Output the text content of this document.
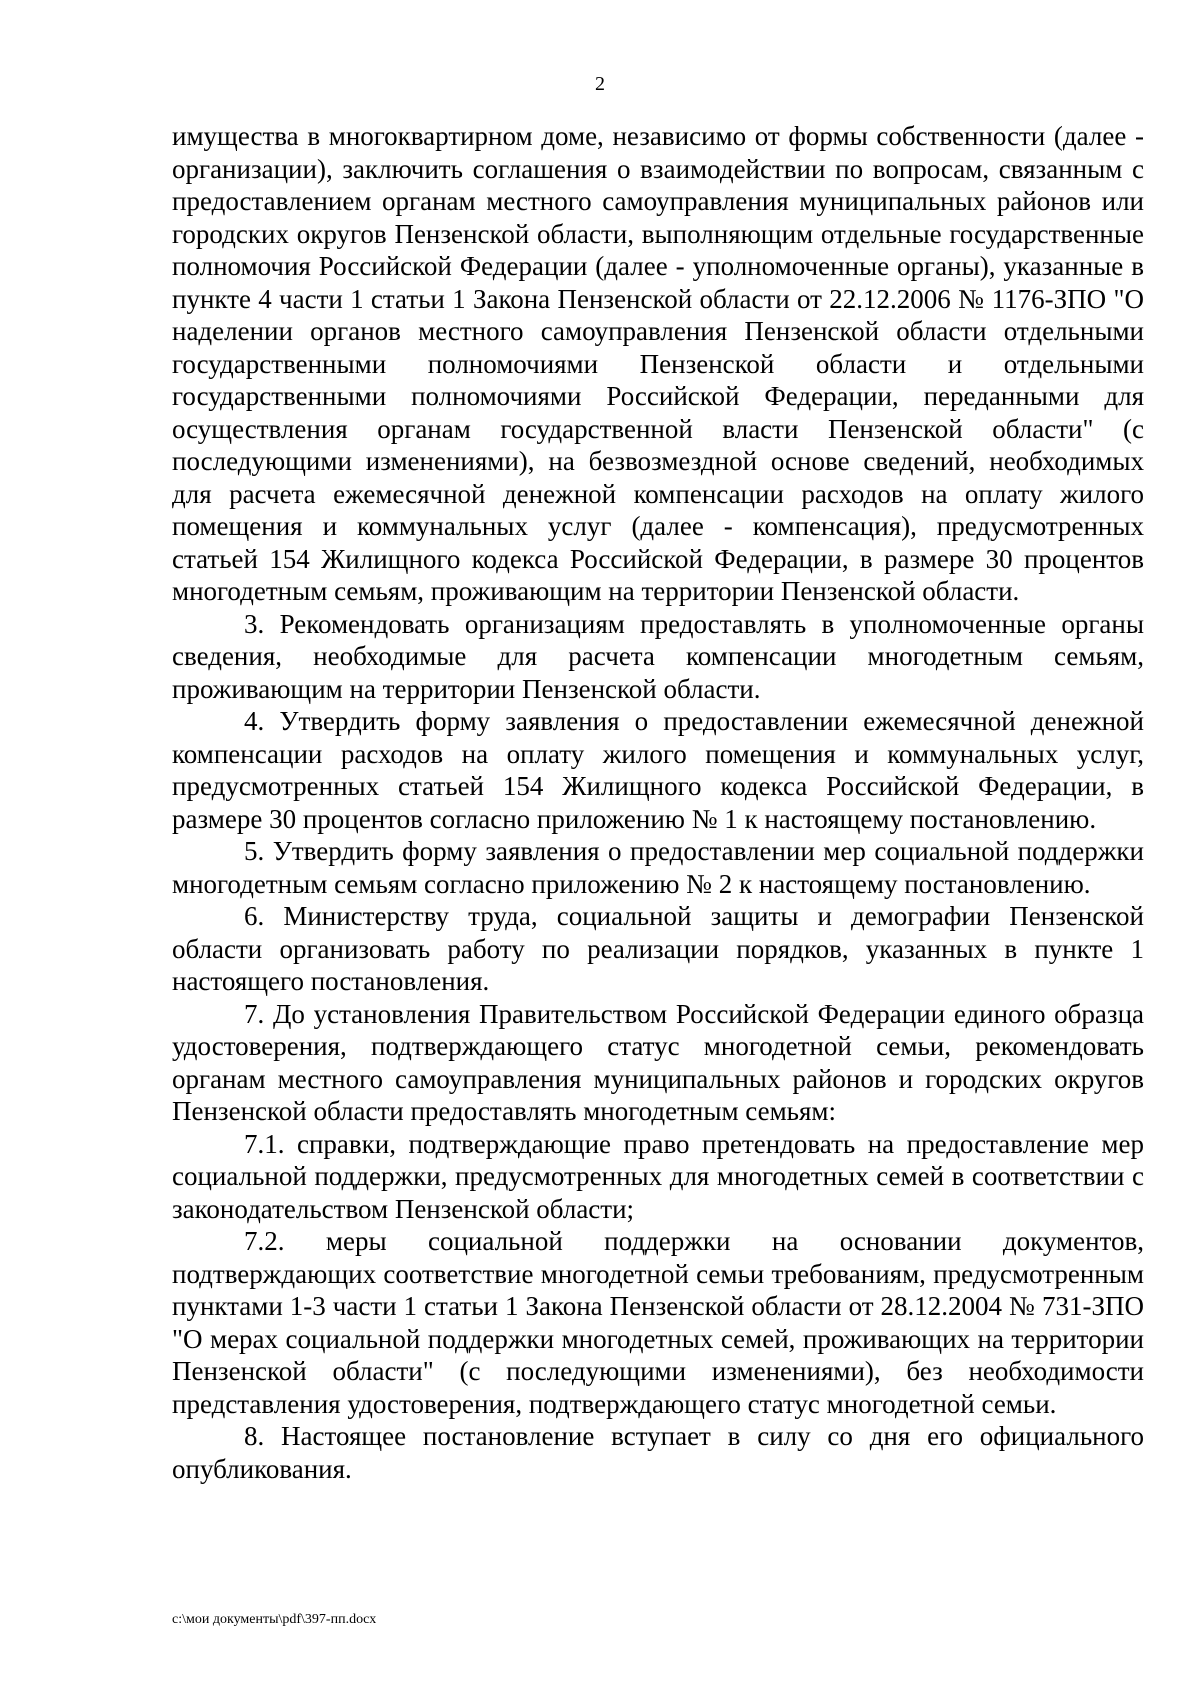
2

имущества в многоквартирном доме, независимо от формы собственности (далее - организации), заключить соглашения о взаимодействии по вопросам, связанным с предоставлением органам местного самоуправления муниципальных районов или городских округов Пензенской области, выполняющим отдельные государственные полномочия Российской Федерации (далее - уполномоченные органы), указанные в пункте 4 части 1 статьи 1 Закона Пензенской области от 22.12.2006 № 1176-ЗПО "О наделении органов местного самоуправления Пензенской области отдельными государственными полномочиями Пензенской области и отдельными государственными полномочиями Российской Федерации, переданными для осуществления органам государственной власти Пензенской области" (с последующими изменениями), на безвозмездной основе сведений, необходимых для расчета ежемесячной денежной компенсации расходов на оплату жилого помещения и коммунальных услуг (далее - компенсация), предусмотренных статьей 154 Жилищного кодекса Российской Федерации, в размере 30 процентов многодетным семьям, проживающим на территории Пензенской области.

3. Рекомендовать организациям предоставлять в уполномоченные органы сведения, необходимые для расчета компенсации многодетным семьям, проживающим на территории Пензенской области.

4. Утвердить форму заявления о предоставлении ежемесячной денежной компенсации расходов на оплату жилого помещения и коммунальных услуг, предусмотренных статьей 154 Жилищного кодекса Российской Федерации, в размере 30 процентов согласно приложению № 1 к настоящему постановлению.

5. Утвердить форму заявления о предоставлении мер социальной поддержки многодетным семьям согласно приложению № 2 к настоящему постановлению.

6. Министерству труда, социальной защиты и демографии Пензенской области организовать работу по реализации порядков, указанных в пункте 1 настоящего постановления.

7. До установления Правительством Российской Федерации единого образца удостоверения, подтверждающего статус многодетной семьи, рекомендовать органам местного самоуправления муниципальных районов и городских округов Пензенской области предоставлять многодетным семьям:

7.1. справки, подтверждающие право претендовать на предоставление мер социальной поддержки, предусмотренных для многодетных семей в соответствии с законодательством Пензенской области;

7.2. меры социальной поддержки на основании документов, подтверждающих соответствие многодетной семьи требованиям, предусмотренным пунктами 1-3 части 1 статьи 1 Закона Пензенской области от 28.12.2004 № 731-ЗПО "О мерах социальной поддержки многодетных семей, проживающих на территории Пензенской области" (с последующими изменениями), без необходимости представления удостоверения, подтверждающего статус многодетной семьи.

8. Настоящее постановление вступает в силу со дня его официального опубликования.

c:\мои документы\pdf\397-пп.docx
